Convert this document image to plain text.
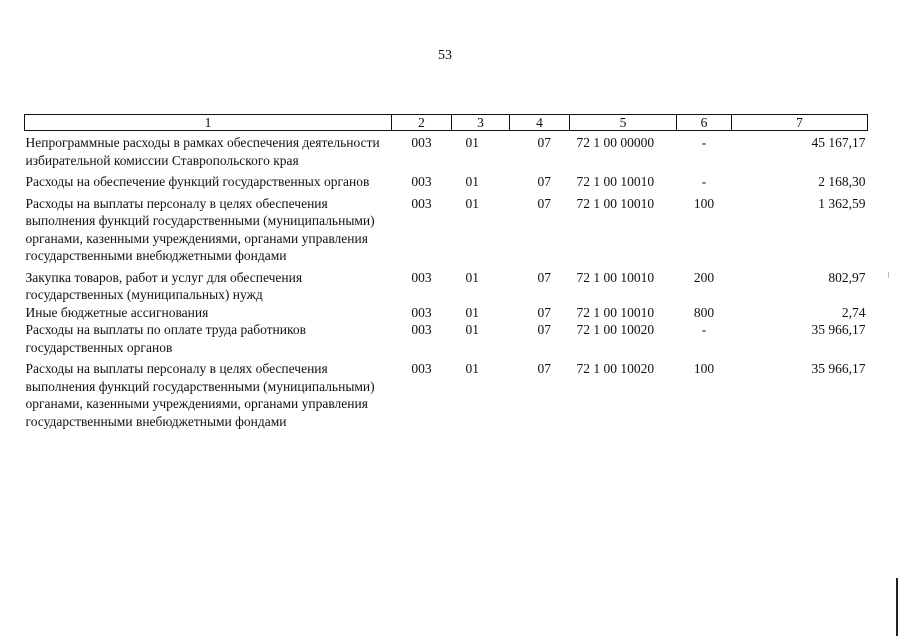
53
1	2	3	4	5	6	7
Непрограммные расходы в рамках обеспечения деятельности избирательной комиссии Ставропольского края	003	01	07	72 1 00 00000	-	45 167,17
Расходы на обеспечение функций государственных органов	003	01	07	72 1 00 10010	-	2 168,30
Расходы на выплаты персоналу в целях обеспечения выполнения функций государственными (муниципальными) органами, казенными учреждениями, органами управления государственными внебюджетными фондами	003	01	07	72 1 00 10010	100	1 362,59
Закупка товаров, работ и услуг для обеспечения государственных (муниципальных) нужд	003	01	07	72 1 00 10010	200	802,97
Иные бюджетные ассигнования	003	01	07	72 1 00 10010	800	2,74
Расходы на выплаты по оплате труда работников государственных органов	003	01	07	72 1 00 10020	-	35 966,17
Расходы на выплаты персоналу в целях обеспечения выполнения функций государственными (муниципальными) органами, казенными учреждениями, органами управления государственными внебюджетными фондами	003	01	07	72 1 00 10020	100	35 966,17
